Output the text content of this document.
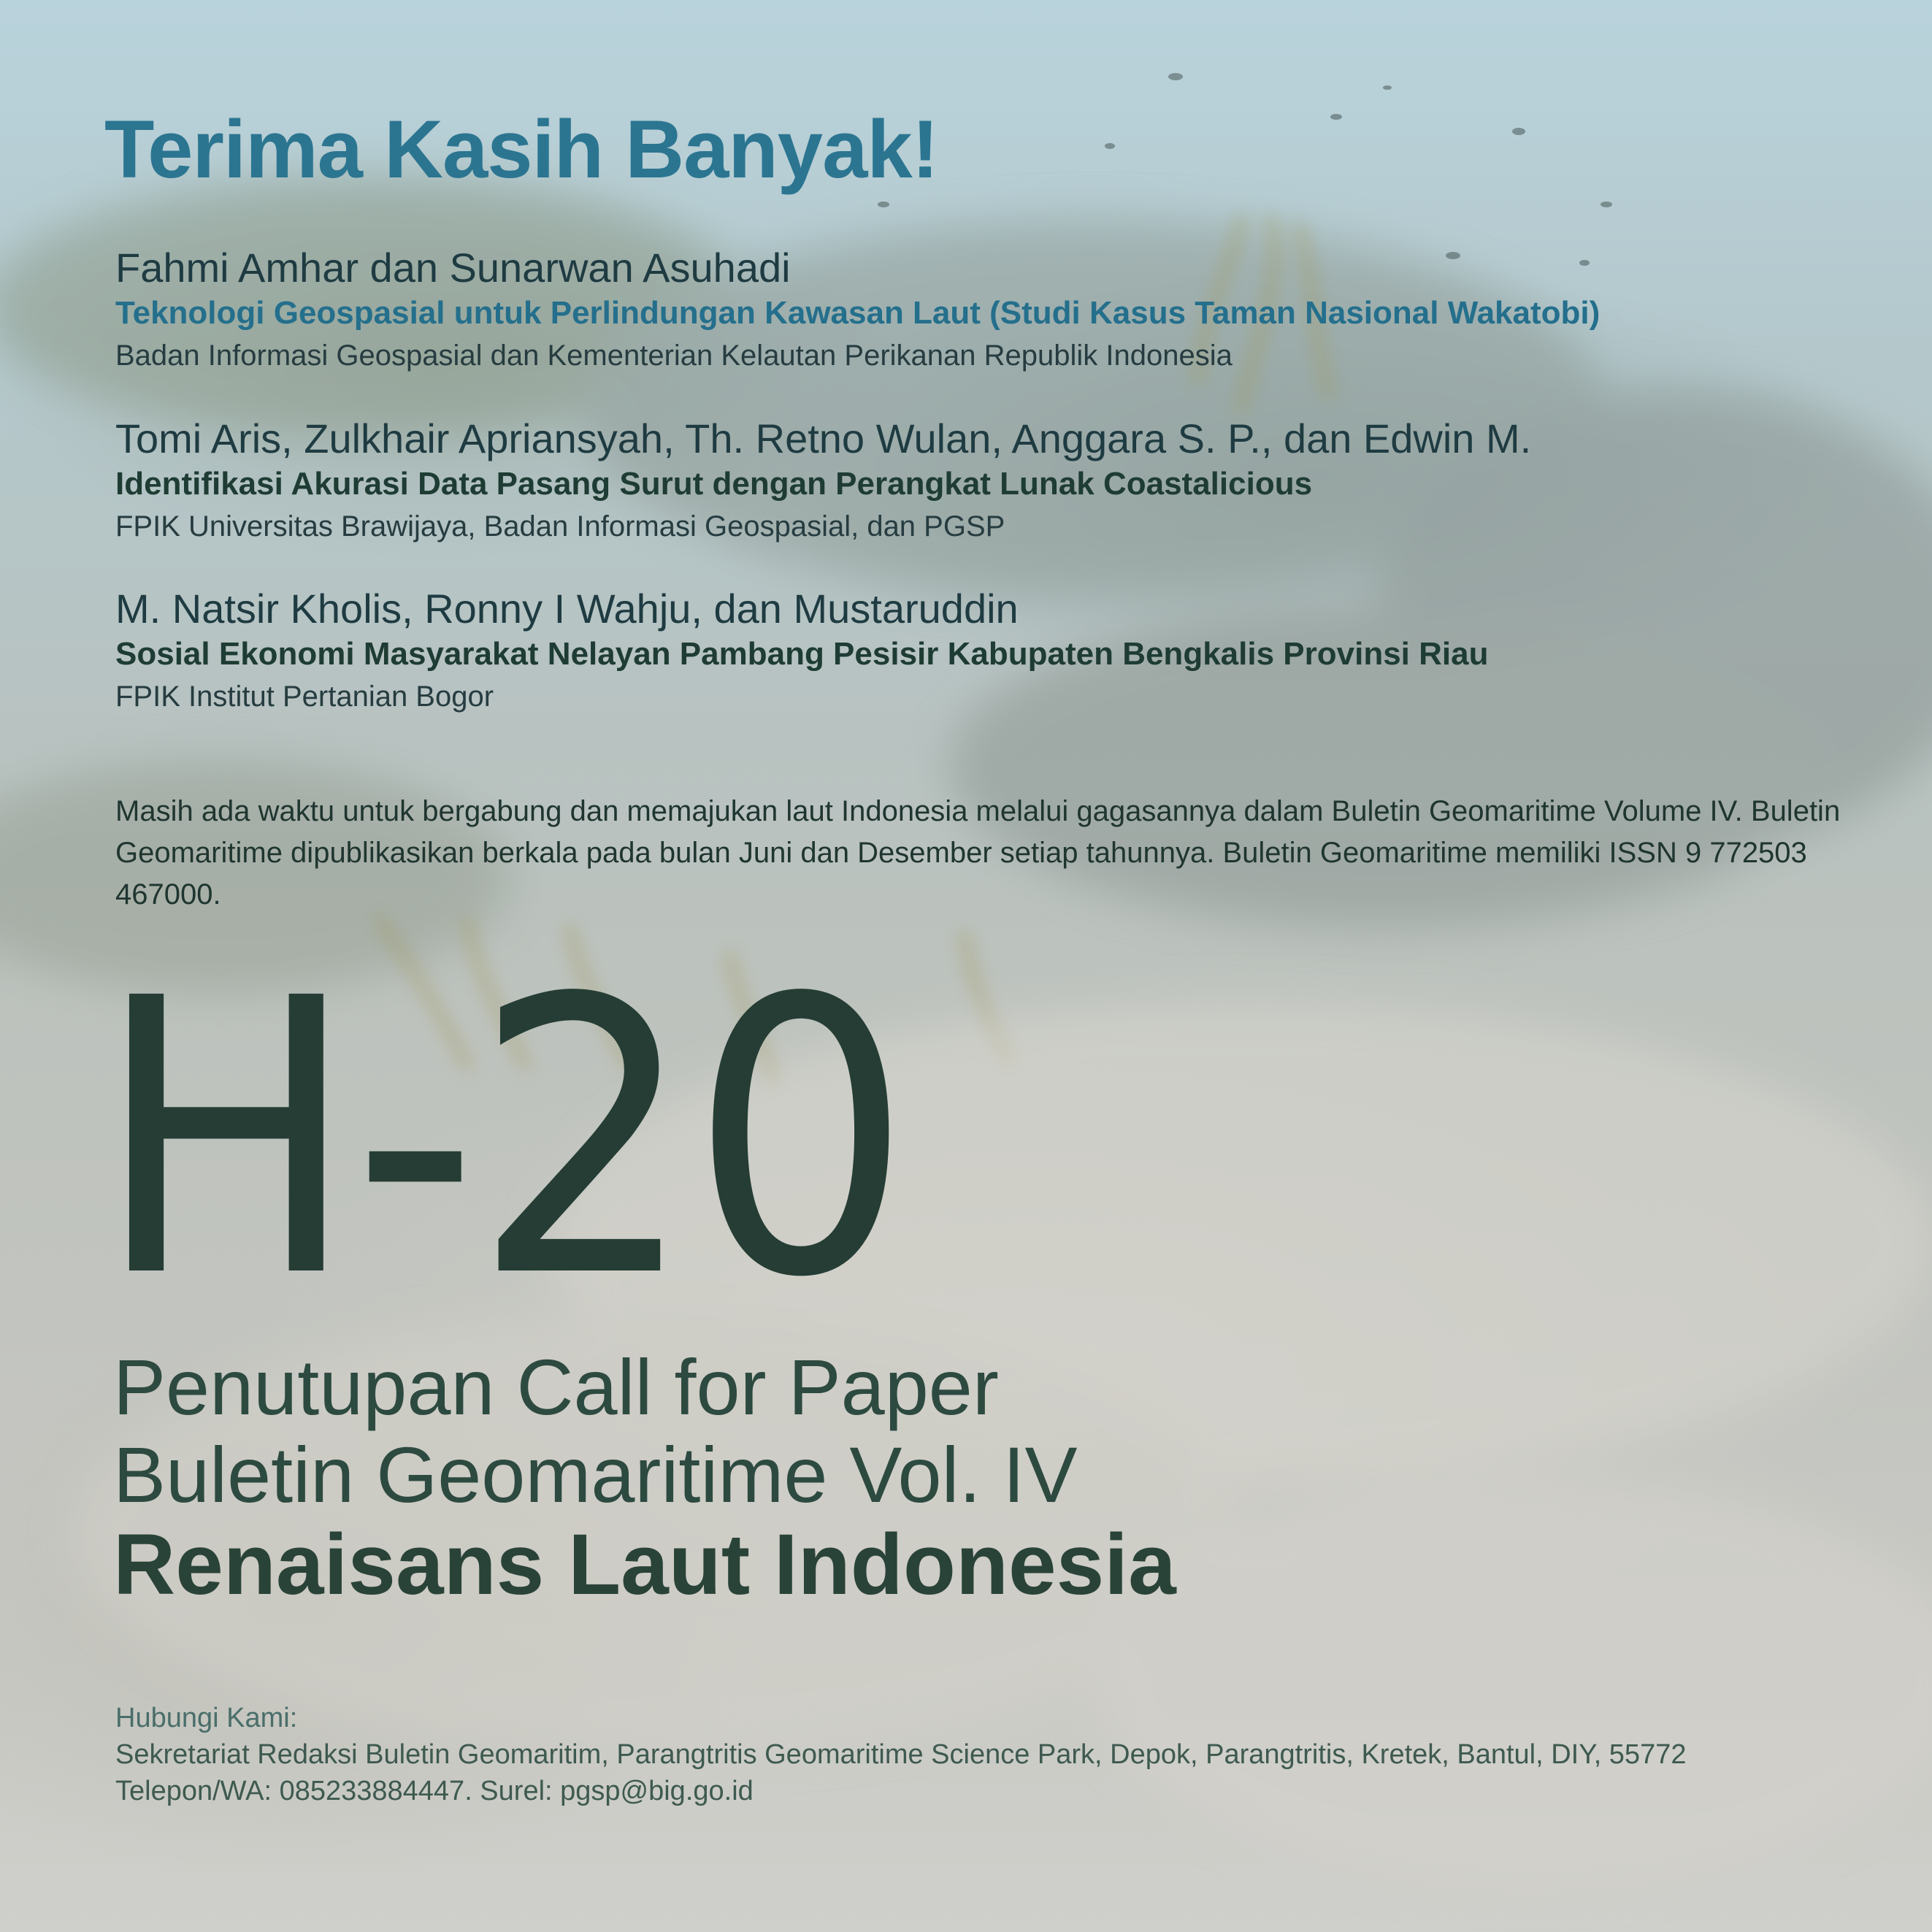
Terima Kasih Banyak!
Fahmi Amhar dan Sunarwan Asuhadi
Teknologi Geospasial untuk Perlindungan Kawasan Laut (Studi Kasus Taman Nasional Wakatobi)
Badan Informasi Geospasial dan Kementerian Kelautan Perikanan Republik Indonesia
Tomi Aris, Zulkhair Apriansyah, Th. Retno Wulan, Anggara S. P., dan Edwin M.
Identifikasi Akurasi Data Pasang Surut dengan Perangkat Lunak Coastalicious
FPIK Universitas Brawijaya, Badan Informasi Geospasial, dan PGSP
M. Natsir Kholis, Ronny I Wahju, dan Mustaruddin
Sosial Ekonomi Masyarakat Nelayan Pambang Pesisir Kabupaten Bengkalis Provinsi Riau
FPIK Institut Pertanian Bogor
Masih ada waktu untuk bergabung dan memajukan laut Indonesia melalui gagasannya dalam Buletin Geomaritime Volume IV. Buletin Geomaritime dipublikasikan berkala pada bulan Juni dan Desember setiap tahunnya. Buletin Geomaritime memiliki ISSN 9 772503 467000.
H-20
Penutupan Call for Paper
Buletin Geomaritime Vol. IV
Renaisans Laut Indonesia
Hubungi Kami:
Sekretariat Redaksi Buletin Geomaritim, Parangtritis Geomaritime Science Park, Depok, Parangtritis, Kretek, Bantul, DIY, 55772
Telepon/WA: 085233884447. Surel: pgsp@big.go.id
